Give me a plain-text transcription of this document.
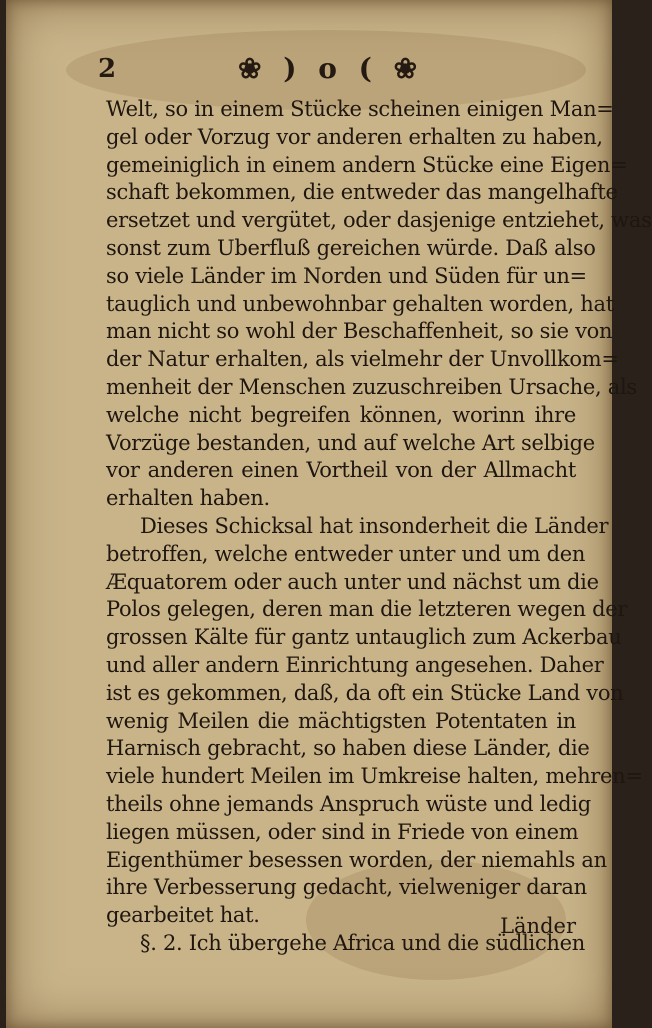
2	❀ ) o ( ❀
Welt, so in einem Stücke scheinen einigen Man=
gel oder Vorzug vor anderen erhalten zu haben,
gemeiniglich in einem andern Stücke eine Eigen=
schaft bekommen, die entweder das mangelhafte
ersetzet und vergütet, oder dasjenige entziehet, was
sonst zum Uberfluß gereichen würde. Daß also
so viele Länder im Norden und Süden für un=
tauglich und unbewohnbar gehalten worden, hat
man nicht so wohl der Beschaffenheit, so sie von
der Natur erhalten, als vielmehr der Unvollkom=
menheit der Menschen zuzuschreiben Ursache, als
welche nicht begreifen können, worinn ihre
Vorzüge bestanden, und auf welche Art selbige
vor anderen einen Vortheil von der Allmacht
erhalten haben.
Dieses Schicksal hat insonderheit die Länder
betroffen, welche entweder unter und um den
Æquatorem oder auch unter und nächst um die
Polos gelegen, deren man die letzteren wegen der
grossen Kälte für gantz untauglich zum Ackerbau
und aller andern Einrichtung angesehen. Daher
ist es gekommen, daß, da oft ein Stücke Land von
wenig Meilen die mächtigsten Potentaten in
Harnisch gebracht, so haben diese Länder, die
viele hundert Meilen im Umkreise halten, mehren=
theils ohne jemands Anspruch wüste und ledig
liegen müssen, oder sind in Friede von einem
Eigenthümer besessen worden, der niemahls an
ihre Verbesserung gedacht, vielweniger daran
gearbeitet hat.
§. 2. Ich übergehe Africa und die südlichen
Länder
